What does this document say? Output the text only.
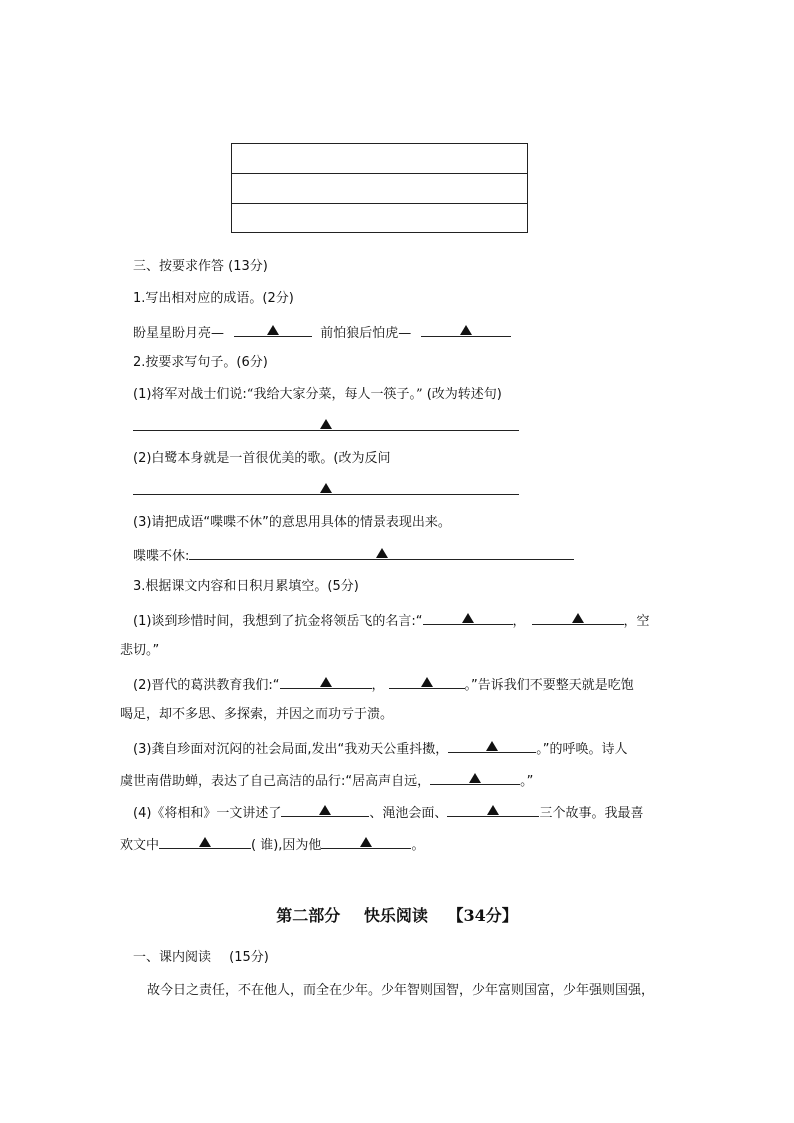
三、按要求作答 (13分)
1.写出相对应的成语。(2分)
盼星星盼月亮—	前怕狼后怕虎—
2.按要求写句子。(6分)
(1)将军对战士们说:“我给大家分菜，每人一筷子。” (改为转述句)
(2)白鹭本身就是一首很优美的歌。(改为反问
(3)请把成语“喋喋不休”的意思用具体的情景表现出来。
喋喋不休:
3.根据课文内容和日积月累填空。(5分)
(1)谈到珍惜时间，我想到了抗金将领岳飞的名言:“	，	，空
悲切。”
(2)晋代的葛洪教育我们:“	，	。”告诉我们不要整天就是吃饱
喝足，却不多思、多探索，并因之而功亏于溃。
(3)龚自珍面对沉闷的社会局面,发出“我劝天公重抖擞，	。”的呼唤。诗人
虞世南借助蝉，表达了自己高洁的品行:“居高声自远，	。”
(4)《将相和》一文讲述了	、渑池会面、	三个故事。我最喜
欢文中	( 谁),因为他	。
第二部分 快乐阅读 【34分】
一、课内阅读 (15分)
故今日之责任，不在他人，而全在少年。少年智则国智，少年富则国富，少年强则国强，
